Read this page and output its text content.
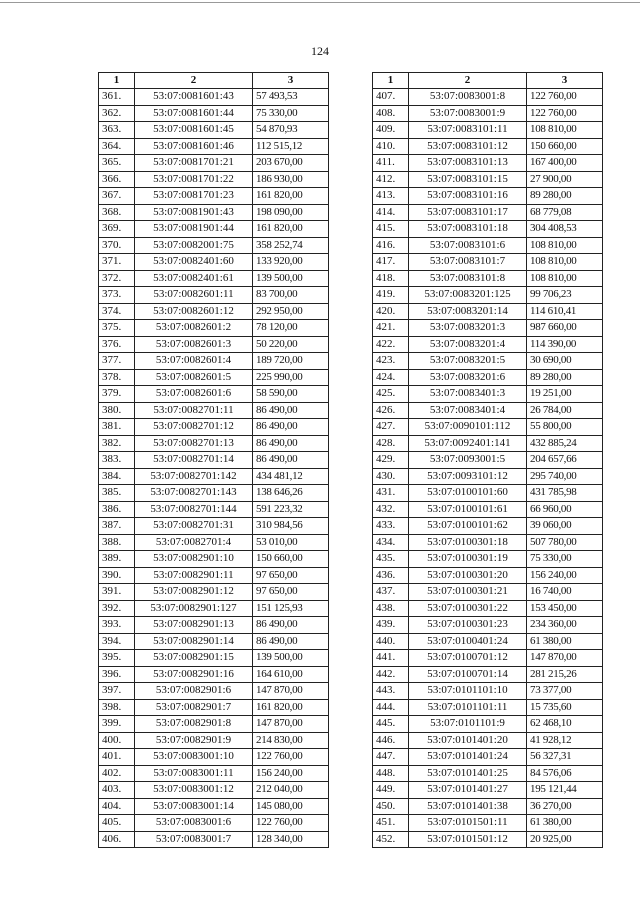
124
1	2	3
361.	53:07:0081601:43	57 493,53
362.	53:07:0081601:44	75 330,00
363.	53:07:0081601:45	54 870,93
364.	53:07:0081601:46	112 515,12
365.	53:07:0081701:21	203 670,00
366.	53:07:0081701:22	186 930,00
367.	53:07:0081701:23	161 820,00
368.	53:07:0081901:43	198 090,00
369.	53:07:0081901:44	161 820,00
370.	53:07:0082001:75	358 252,74
371.	53:07:0082401:60	133 920,00
372.	53:07:0082401:61	139 500,00
373.	53:07:0082601:11	83 700,00
374.	53:07:0082601:12	292 950,00
375.	53:07:0082601:2	78 120,00
376.	53:07:0082601:3	50 220,00
377.	53:07:0082601:4	189 720,00
378.	53:07:0082601:5	225 990,00
379.	53:07:0082601:6	58 590,00
380.	53:07:0082701:11	86 490,00
381.	53:07:0082701:12	86 490,00
382.	53:07:0082701:13	86 490,00
383.	53:07:0082701:14	86 490,00
384.	53:07:0082701:142	434 481,12
385.	53:07:0082701:143	138 646,26
386.	53:07:0082701:144	591 223,32
387.	53:07:0082701:31	310 984,56
388.	53:07:0082701:4	53 010,00
389.	53:07:0082901:10	150 660,00
390.	53:07:0082901:11	97 650,00
391.	53:07:0082901:12	97 650,00
392.	53:07:0082901:127	151 125,93
393.	53:07:0082901:13	86 490,00
394.	53:07:0082901:14	86 490,00
395.	53:07:0082901:15	139 500,00
396.	53:07:0082901:16	164 610,00
397.	53:07:0082901:6	147 870,00
398.	53:07:0082901:7	161 820,00
399.	53:07:0082901:8	147 870,00
400.	53:07:0082901:9	214 830,00
401.	53:07:0083001:10	122 760,00
402.	53:07:0083001:11	156 240,00
403.	53:07:0083001:12	212 040,00
404.	53:07:0083001:14	145 080,00
405.	53:07:0083001:6	122 760,00
406.	53:07:0083001:7	128 340,00
1	2	3
407.	53:07:0083001:8	122 760,00
408.	53:07:0083001:9	122 760,00
409.	53:07:0083101:11	108 810,00
410.	53:07:0083101:12	150 660,00
411.	53:07:0083101:13	167 400,00
412.	53:07:0083101:15	27 900,00
413.	53:07:0083101:16	89 280,00
414.	53:07:0083101:17	68 779,08
415.	53:07:0083101:18	304 408,53
416.	53:07:0083101:6	108 810,00
417.	53:07:0083101:7	108 810,00
418.	53:07:0083101:8	108 810,00
419.	53:07:0083201:125	99 706,23
420.	53:07:0083201:14	114 610,41
421.	53:07:0083201:3	987 660,00
422.	53:07:0083201:4	114 390,00
423.	53:07:0083201:5	30 690,00
424.	53:07:0083201:6	89 280,00
425.	53:07:0083401:3	19 251,00
426.	53:07:0083401:4	26 784,00
427.	53:07:0090101:112	55 800,00
428.	53:07:0092401:141	432 885,24
429.	53:07:0093001:5	204 657,66
430.	53:07:0093101:12	295 740,00
431.	53:07:0100101:60	431 785,98
432.	53:07:0100101:61	66 960,00
433.	53:07:0100101:62	39 060,00
434.	53:07:0100301:18	507 780,00
435.	53:07:0100301:19	75 330,00
436.	53:07:0100301:20	156 240,00
437.	53:07:0100301:21	16 740,00
438.	53:07:0100301:22	153 450,00
439.	53:07:0100301:23	234 360,00
440.	53:07:0100401:24	61 380,00
441.	53:07:0100701:12	147 870,00
442.	53:07:0100701:14	281 215,26
443.	53:07:0101101:10	73 377,00
444.	53:07:0101101:11	15 735,60
445.	53:07:0101101:9	62 468,10
446.	53:07:0101401:20	41 928,12
447.	53:07:0101401:24	56 327,31
448.	53:07:0101401:25	84 576,06
449.	53:07:0101401:27	195 121,44
450.	53:07:0101401:38	36 270,00
451.	53:07:0101501:11	61 380,00
452.	53:07:0101501:12	20 925,00
